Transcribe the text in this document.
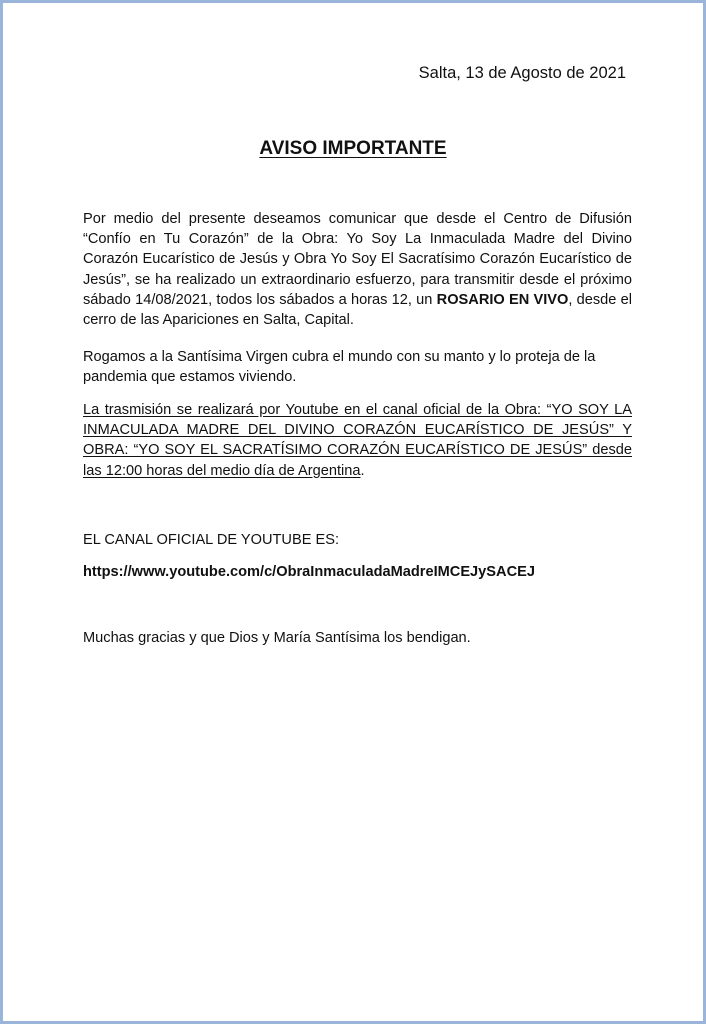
Salta, 13 de Agosto de 2021
AVISO IMPORTANTE
Por medio del presente deseamos comunicar que desde el Centro de Difusión “Confío en Tu Corazón” de la Obra: Yo Soy La Inmaculada Madre del Divino Corazón Eucarístico de Jesús y Obra Yo Soy El Sacratísimo Corazón Eucarístico de Jesús”, se ha realizado un extraordinario esfuerzo, para transmitir desde el próximo sábado 14/08/2021, todos los sábados a horas 12, un ROSARIO EN VIVO, desde el cerro de las Apariciones en Salta, Capital.
Rogamos a la Santísima Virgen cubra el mundo con su manto y lo proteja de la pandemia que estamos viviendo.
La trasmisión se realizará por Youtube en el canal oficial de la Obra: “YO SOY LA INMACULADA MADRE DEL DIVINO CORAZÓN EUCARÍSTICO DE JESÚS” Y OBRA: “YO SOY EL SACRATÍSIMO CORAZÓN EUCARÍSTICO DE JESÚS” desde las 12:00 horas del medio día de Argentina.
EL CANAL OFICIAL DE YOUTUBE ES:
https://www.youtube.com/c/ObraInmaculadaMadreIMCEJySACEJ
Muchas gracias y que Dios y María Santísima los bendigan.
